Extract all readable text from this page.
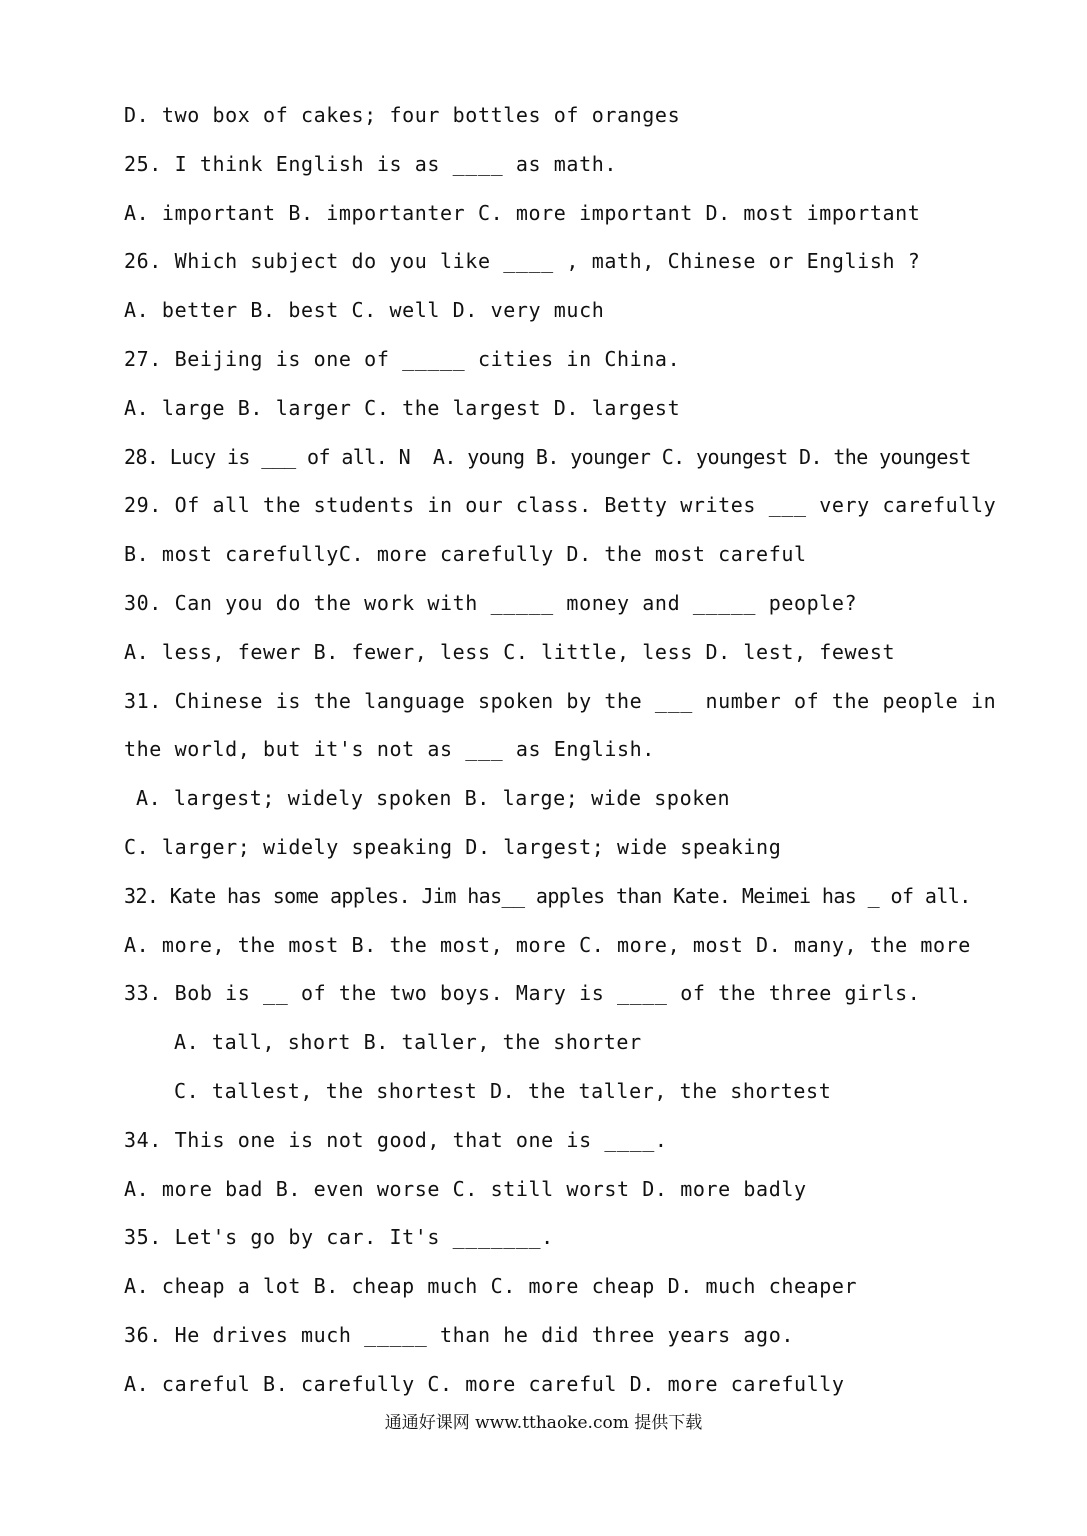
D. two box of cakes; four bottles of oranges
25. I think English is as ____ as math.
A. important B. importanter C. more important D. most important
26. Which subject do you like ____ , math, Chinese or English ?
A. better B. best C. well D. very much
27. Beijing is one of _____ cities in China.
A. large B. larger C. the largest D. largest
28. Lucy is ___ of all. N  A. young B. younger C. youngest D. the youngest
29. Of all the students in our class. Betty writes ___ very carefully
B. most carefullyC. more carefully D. the most careful
30. Can you do the work with _____ money and _____ people?
A. less, fewer B. fewer, less C. little, less D. lest, fewest
31. Chinese is the language spoken by the ___ number of the people in
the world, but it's not as ___ as English.
A. largest; widely spoken B. large; wide spoken
C. larger; widely speaking D. largest; wide speaking
32. Kate has some apples. Jim has__ apples than Kate. Meimei has _ of all.
A. more, the most B. the most, more C. more, most D. many, the more
33. Bob is __ of the two boys. Mary is ____ of the three girls.
A. tall, short B. taller, the shorter
C. tallest, the shortest D. the taller, the shortest
34. This one is not good, that one is ____.
A. more bad B. even worse C. still worst D. more badly
35. Let's go by car. It's _______.
A. cheap a lot B. cheap much C. more cheap D. much cheaper
36. He drives much _____ than he did three years ago.
A. careful B. carefully C. more careful D. more carefully
通通好课网 www.tthaoke.com 提供下载
